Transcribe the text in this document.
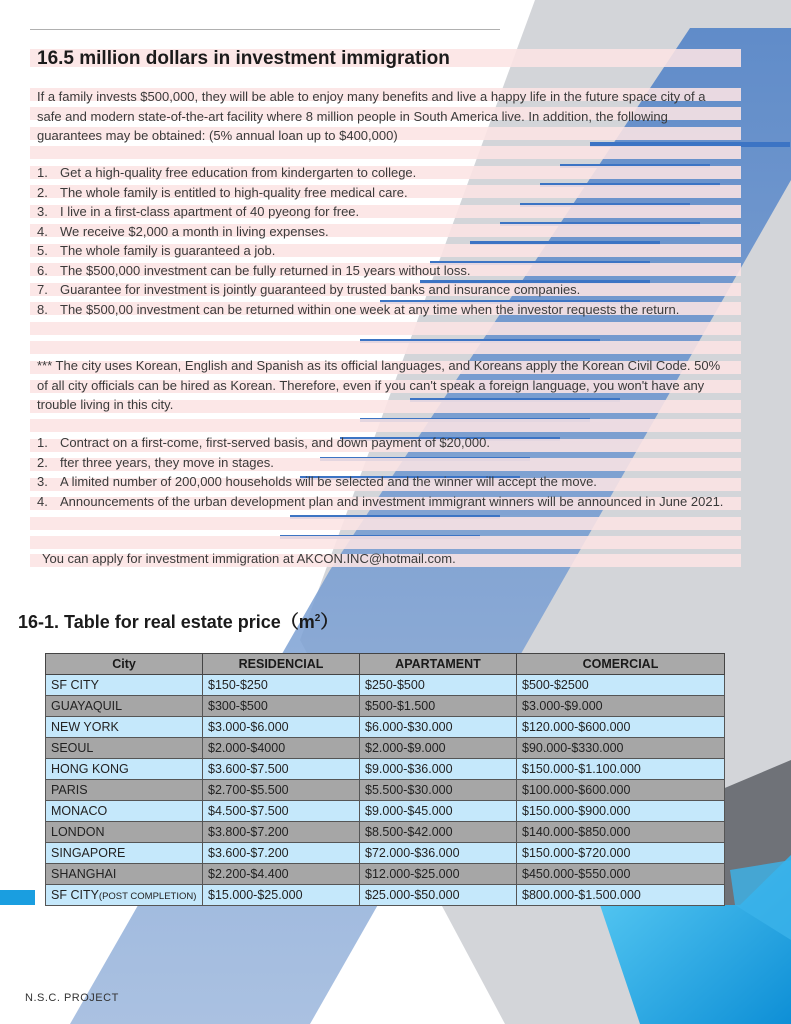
16.5 million dollars in investment immigration
If a family invests $500,000, they will be able to enjoy many benefits and live a happy life in the future space city of a safe and modern state-of-the-art facility where 8 million people in South America live. In addition, the following guarantees may be obtained: (5% annual loan up to $400,000)
1. Get a high-quality free education from kindergarten to college.
2. The whole family is entitled to high-quality free medical care.
3. I live in a first-class apartment of 40 pyeong for free.
4. We receive $2,000 a month in living expenses.
5. The whole family is guaranteed a job.
6. The $500,000 investment can be fully returned in 15 years without loss.
7. Guarantee for investment is jointly guaranteed by trusted banks and insurance companies.
8. The $500,00 investment can be returned within one week at any time when the investor requests the return.
*** The city uses Korean, English and Spanish as its official languages, and Koreans apply the Korean Civil Code. 50% of all city officials can be hired as Korean. Therefore, even if you can't speak a foreign language, you won't have any trouble living in this city.
1. Contract on a first-come, first-served basis, and down payment of $20,000.
2. fter three years, they move in stages.
3. A limited number of 200,000 households will be selected and the winner will accept the move.
4. Announcements of the urban development plan and investment immigrant winners will be announced in June 2021.
You can apply for investment immigration at AKCON.INC@hotmail.com.
16-1. Table for real estate $price(m^2)$
City	RESIDENCIAL	APARTAMENT	COMERCIAL
SF CITY	$150-$250	$250-$500	$500-$2500
GUAYAQUIL	$300-$500	$500-$1.500	$3.000-$9.000
NEW YORK	$3.000-$6.000	$6.000-$30.000	$120.000-$600.000
SEOUL	$2.000-$4000	$2.000-$9.000	$90.000-$330.000
HONG KONG	$3.600-$7.500	$9.000-$36.000	$150.000-$1.100.000
PARIS	$2.700-$5.500	$5.500-$30.000	$100.000-$600.000
MONACO	$4.500-$7.500	$9.000-$45.000	$150.000-$900.000
LONDON	$3.800-$7.200	$8.500-$42.000	$140.000-$850.000
SINGAPORE	$3.600-$7.200	$72.000-$36.000	$150.000-$720.000
SHANGHAI	$2.200-$4.400	$12.000-$25.000	$450.000-$550.000
SF CITY(POST COMPLETION)	$15.000-$25.000	$25.000-$50.000	$800.000-$1.500.000
N.S.C. PROJECT
